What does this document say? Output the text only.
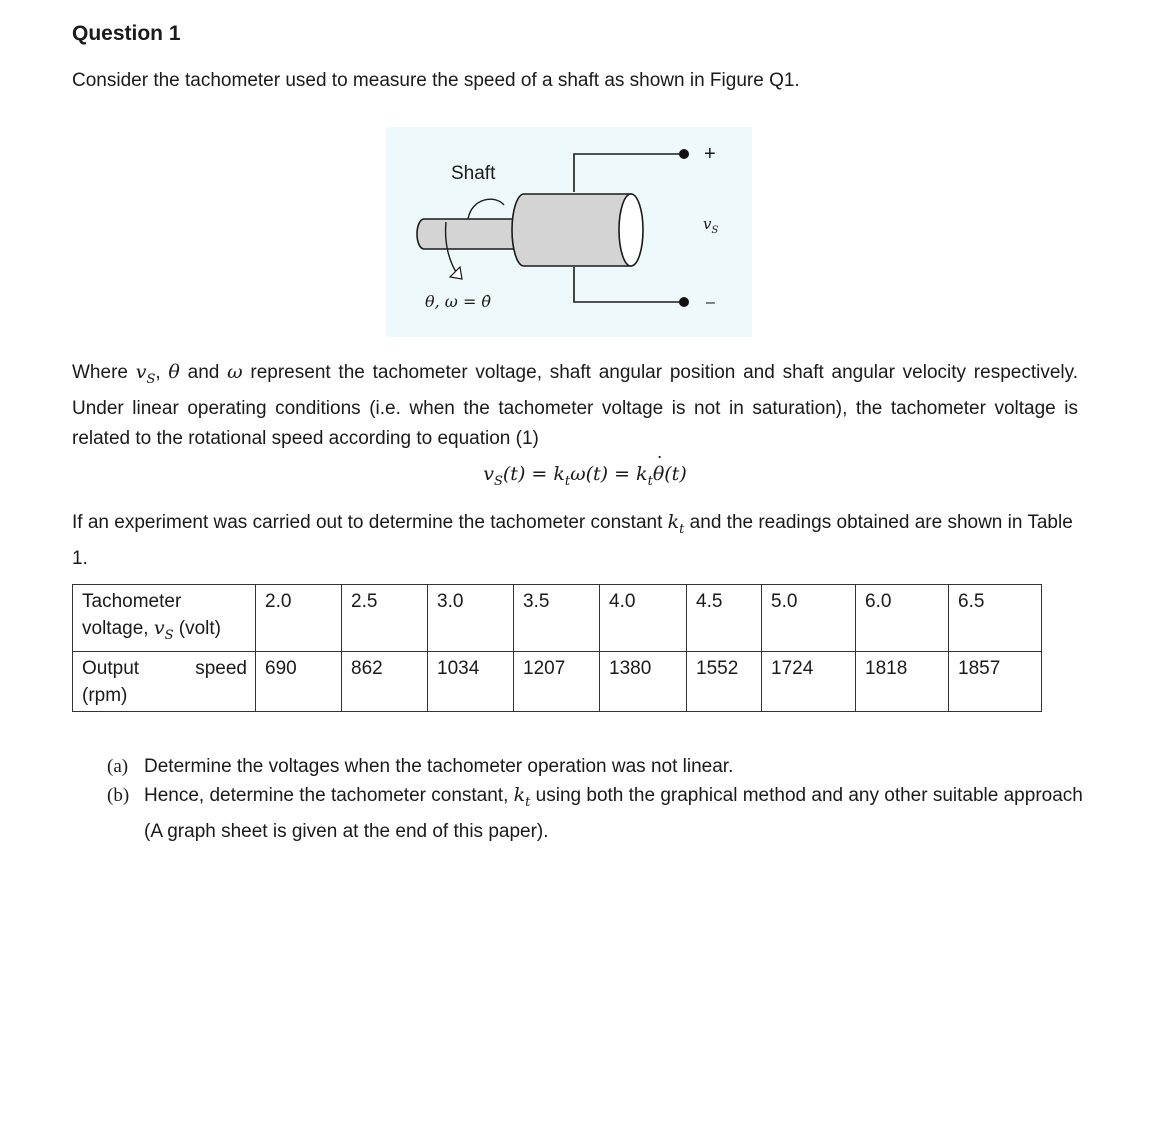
Question 1
Consider the tachometer used to measure the speed of a shaft as shown in Figure Q1.
Shaft
θ, ω = θ̇
+
–
$v_S$
Where $v_S$, θ and ω represent the tachometer voltage, shaft angular position and shaft angular velocity respectively. Under linear operating conditions (i.e. when the tachometer voltage is not in saturation), the tachometer voltage is related to the rotational speed according to equation (1)
$v_S(t) = k_t\omega(t) = k_t\theta$ ˙(t)
If an experiment was carried out to determine the tachometer constant $k_t$ and the readings obtained are shown in Table 1.
Tachometer
voltage, $v_S$ (volt)	2.0	2.5	3.0	3.5	4.0	4.5	5.0	6.0	6.5

Output speed
(rpm)	690	862	1034	1207	1380	1552	1724	1818	1857
(a) Determine the voltages when the tachometer operation was not linear.
(b) Hence, determine the tachometer constant, $k_t$ using both the graphical method and any other suitable approach (A graph sheet is given at the end of this paper).
